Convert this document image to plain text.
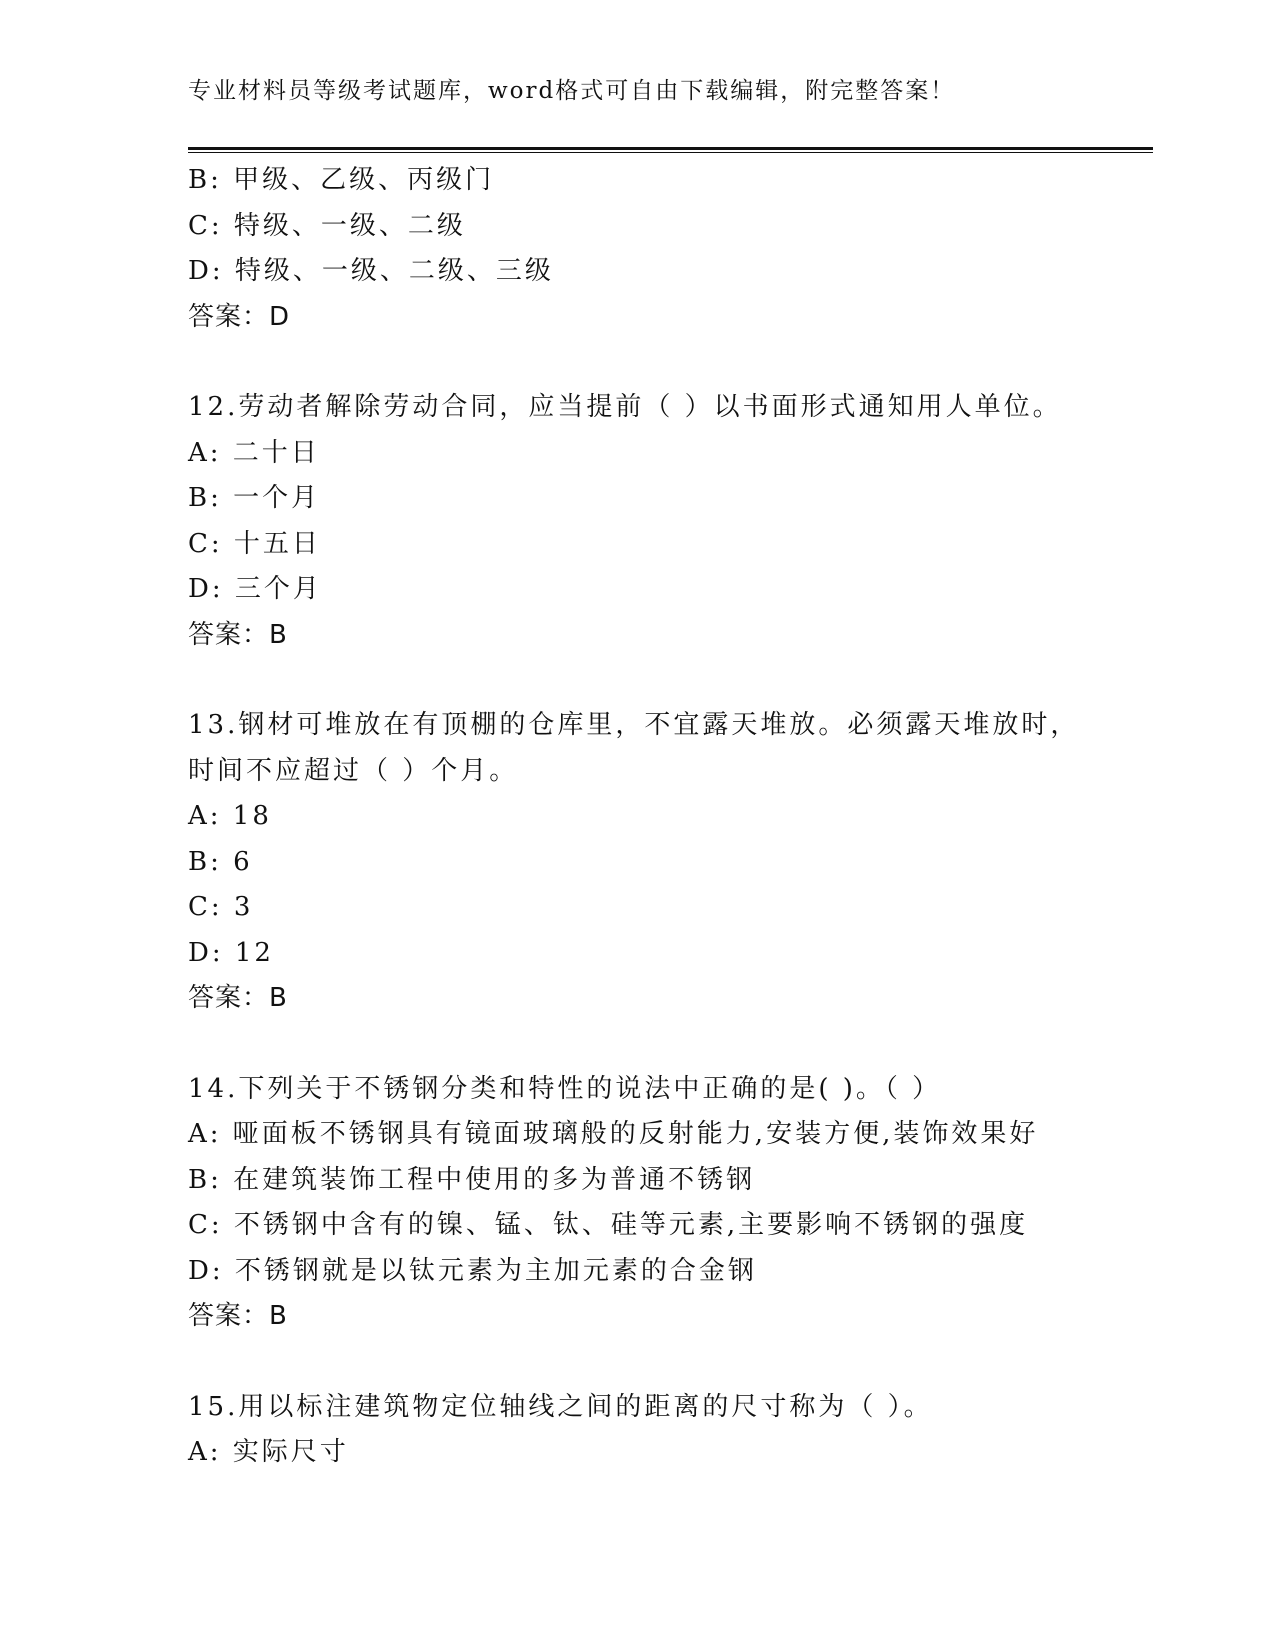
专业材料员等级考试题库，word格式可自由下载编辑，附完整答案！
B: 甲级、乙级、丙级门
C: 特级、一级、二级
D: 特级、一级、二级、三级
答案：D
12.劳动者解除劳动合同，应当提前（ ）以书面形式通知用人单位。
A: 二十日
B: 一个月
C: 十五日
D: 三个月
答案：B
13.钢材可堆放在有顶棚的仓库里，不宜露天堆放。必须露天堆放时，
时间不应超过（ ）个月。
A: 18
B: 6
C: 3
D: 12
答案：B
14.下列关于不锈钢分类和特性的说法中正确的是( )。（ ）
A: 哑面板不锈钢具有镜面玻璃般的反射能力,安装方便,装饰效果好
B: 在建筑装饰工程中使用的多为普通不锈钢
C: 不锈钢中含有的镍、锰、钛、硅等元素,主要影响不锈钢的强度
D: 不锈钢就是以钛元素为主加元素的合金钢
答案：B
15.用以标注建筑物定位轴线之间的距离的尺寸称为（ ）。
A: 实际尺寸
